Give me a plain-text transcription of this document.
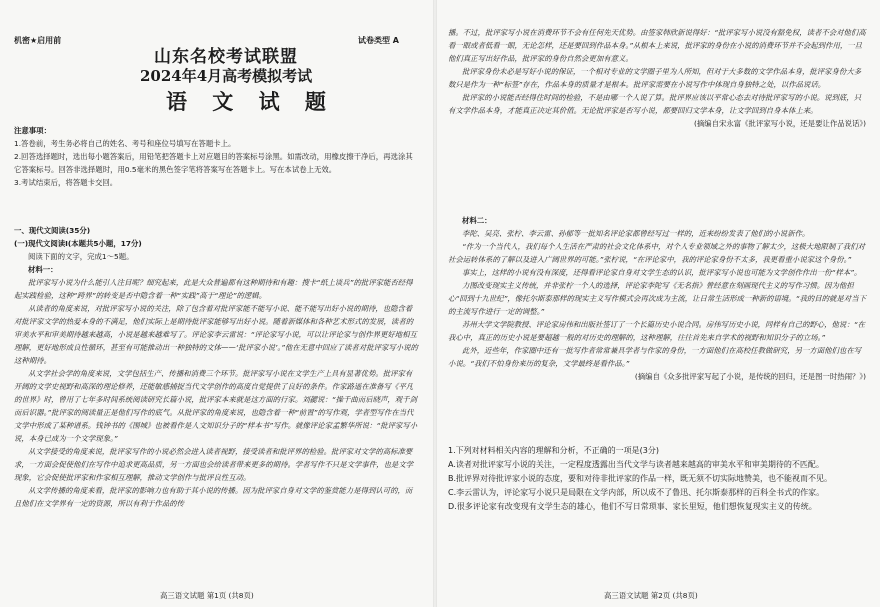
机密★启用前	试卷类型 A
山东名校考试联盟
2024年4月高考模拟考试
语 文 试 题

注意事项：

1.答卷前，考生务必将自己的姓名、考号和座位号填写在答题卡上。

2.回答选择题时，选出每小题答案后，用铅笔把答题卡上对应题目的答案标号涂黑。如需改动，用橡皮擦干净后，再选涂其它答案标号。回答非选择题时，用0.5毫米的黑色签字笔将答案写在答题卡上。写在本试卷上无效。

3.考试结束后，将答题卡交回。

一、现代文阅读(35分)

(一)现代文阅读Ⅰ(本题共5小题，17分)

阅读下面的文字，完成1～5题。

材料一：

批评家写小说为什么能引人注目呢？细究起来，此是大众普遍都有这种期待和有趣：搜卡“纸上谈兵”的批评家能否经得起实践检验，这种“跨界”的转变是否中隐含着一种“实践”高于“理论”的逻辑。

从读者的角度来说，对批评家写小说的关注，除了包含着对批评家能不能写小说、能不能写出好小说的期待，也隐含着对批评家文学的热爱本身的不满足，他们实际上是期待批评家能够写出好小说。随着新媒体和各种艺术形式的发展，读者的审美水平和审美期待越来越高，小说是越来越难写了。评论家李云雷说：“评论家写小说，可以让评论家与创作界更好地相互理解，更好地形成良性循环，甚至有可能推动出一种独特的文体——‘批评家小说’。”他在无意中回应了读者对批评家写小说的这种期待。

从文学社会学的角度来说，文学包括生产、传播和消费三个环节。批评家写小说在文学生产上具有显著优势。批评家有开阔的文学史视野和高深的理论修养，还能敏感捕捉当代文学创作的高度自觉提供了良好的条件。作家路遥在准备写《平凡的世界》时，曾用了七年多时间系统阅读研究长篇小说，批评家本来就是这方面的行家。刘勰说：“操千曲而后晓声，观千剑而后识器。”批评家的阅读量正是他们写作的底气。从批评家的角度来说，也隐含着一种“前置”的写作观，学者型写作在当代文学中形成了某种谱系。钱钟书的《围城》也被看作是人文知识分子的“样本书”写作。就像评论家孟繁华所说：“批评家写小说，本身已成为一个文学现象。”

从文学接受的角度来说，批评家写作的小说必然会进入读者视野，接受读者和批评界的检验。批评家对文学的高标准要求，一方面会促使他们在写作中追求更高品质，另一方面也会给读者带来更多的期待。学者写作不只是文学事件，也是文学现象，它会促使批评家和作家相互理解，推动文学创作与批评良性互动。

从文学传播的角度来看，批评家的影响力也有助于其小说的传播。因为批评家自身对文学的鉴赏能力是得到认可的，而且他们在文学界有一定的资源，所以有利于作品的传

高三语文试题 第1页 (共8页)

播。不过，批评家写小说在消费环节不会有任何先天优势。由签家韩欣新说得好：“批评家写小说没有豁免权，读者不会对他们高看一眼或者低看一眼，无论怎样，还是要回到作品本身。”从根本上来说，批评家的身份在小说的消费环节并不会起到作用，一旦他们真正写出好作品，批评家的身份自然会更加有意义。

批评家身份未必是写好小说的保证，一个相对专业的文学圈子里为人所知，但对于大多数的文学作品本身，批评家身份大多数只是作为一种“标签”存在，作品本身的质量才是根本。批评家需要在小说写作中体现自身独特之处，以作品说话。

批评家的小说能否经得住时间的检验，不是由哪一个人说了算。批评界应该以平常心态去对待批评家写的小说。说到底，只有文学作品本身，才能真正决定其价值。无论批评家是否写小说，都要回归文学本身，让文学回到自身本体上来。

(摘编自宋永富《批评家写小说，还是要让作品说话》)

材料二：

李陀、吴亮、张柠、李云雷、孙郁等一批知名评论家都曾经写过一样的，近来纷纷发表了他们的小说新作。

“作为一个当代人，我们每个人生活在严肃的社会文化体系中，对个人专业领域之外的事物了解太少，这极大地限制了我们对社会运转体系的了解以及进入广阔世界的可能。”张柠说，“在评论家中，我的评论家身份不太多，我更看重小说家这个身份。”

事实上，这样的小说有没有深度，还得看评论家自身对文学生态的认识，批评家写小说也可能为文学创作作出一份“样本”。

力图改变现实主义传统，并非张柠一个人的选择，评论家李陀写《无名指》曾经意在刻画现代主义的写作习惯。因为他担心“回到十九世纪”，像托尔斯泰那样的现实主义写作模式会再次成为主流，让日常生活形成一种新的语境。“我的目的就是对当下的主流写作进行一定的调整。”

苏州大学文学院教授、评论家房伟和出版社签订了一个长篇历史小说合同。房伟写历史小说，同样有自己的野心，他说：“在我心中，真正的历史小说是要超越一般的对历史的理解的，这种理解，往往首先来自学术的视野和知识分子的立场。”

此外，近些年，作家圈中还有一批写作者常常兼具学者与作家的身份，一方面他们在高校任教做研究，另一方面他们也在写小说。“我们不怕身份来历的复杂，文学最终是看作品。”

(摘编自《众多批评家写起了小说，是传统的回归，还是图一时热闹？》)

1.下列对材料相关内容的理解和分析，不正确的一项是(3分)

A.读者对批评家写小说的关注，一定程度透露出当代文学与读者越来越高的审美水平和审美期待的不匹配。

B.批评界对待批评家小说的态度，要和对待非批评家的作品一样，既无须不切实际地赞美，也不能视而不见。

C.李云雷认为，评论家写小说只是局限在文学内部，所以成不了鲁迅、托尔斯泰那样的百科全书式的作家。

D.很多评论家有改变现有文学生态的雄心，他们不写日常琐事、家长里短，他们想恢复现实主义的传统。

高三语文试题 第2页 (共8页)
